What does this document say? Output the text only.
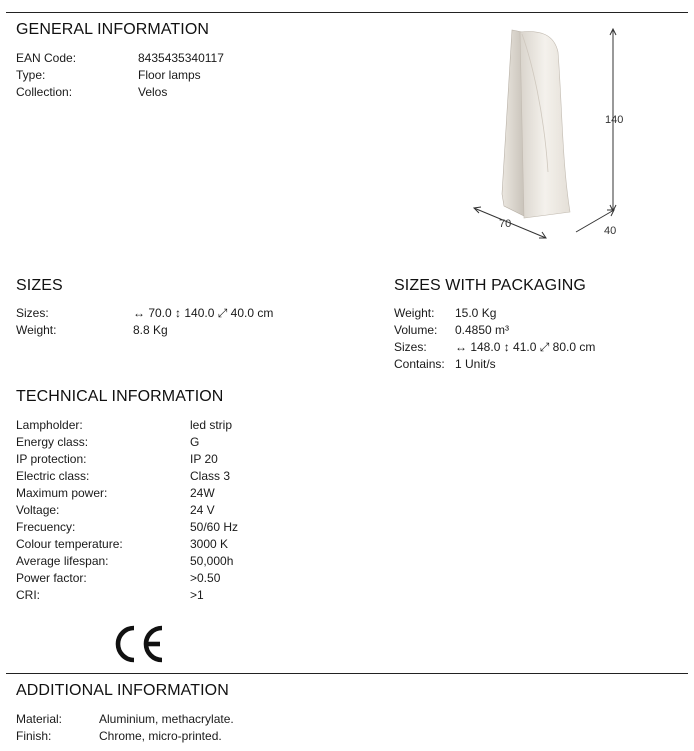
GENERAL INFORMATION
EAN Code:	8435435340117
Type:	Floor lamps
Collection:	Velos
140
70
40
SIZES
Sizes:	↔ 70.0 ↕ 140.0 ⤢ 40.0 cm
Weight:	8.8 Kg
SIZES WITH PACKAGING
Weight: 15.0 Kg
Volume: 0.4850 m³
Sizes: ↔ 148.0 ↕ 41.0 ⤢ 80.0 cm
Contains: 1 Unit/s
TECHNICAL INFORMATION
Lampholder:	led strip
Energy class:	G
IP protection:	IP 20
Electric class:	Class 3
Maximum power:	24W
Voltage:	24 V
Frecuency:	50/60 Hz
Colour temperature:	3000 K
Average lifespan:	50,000h
Power factor:	>0.50
CRI:	>1
ADDITIONAL INFORMATION
Material:	Aluminium, methacrylate.
Finish:	Chrome, micro-printed.
